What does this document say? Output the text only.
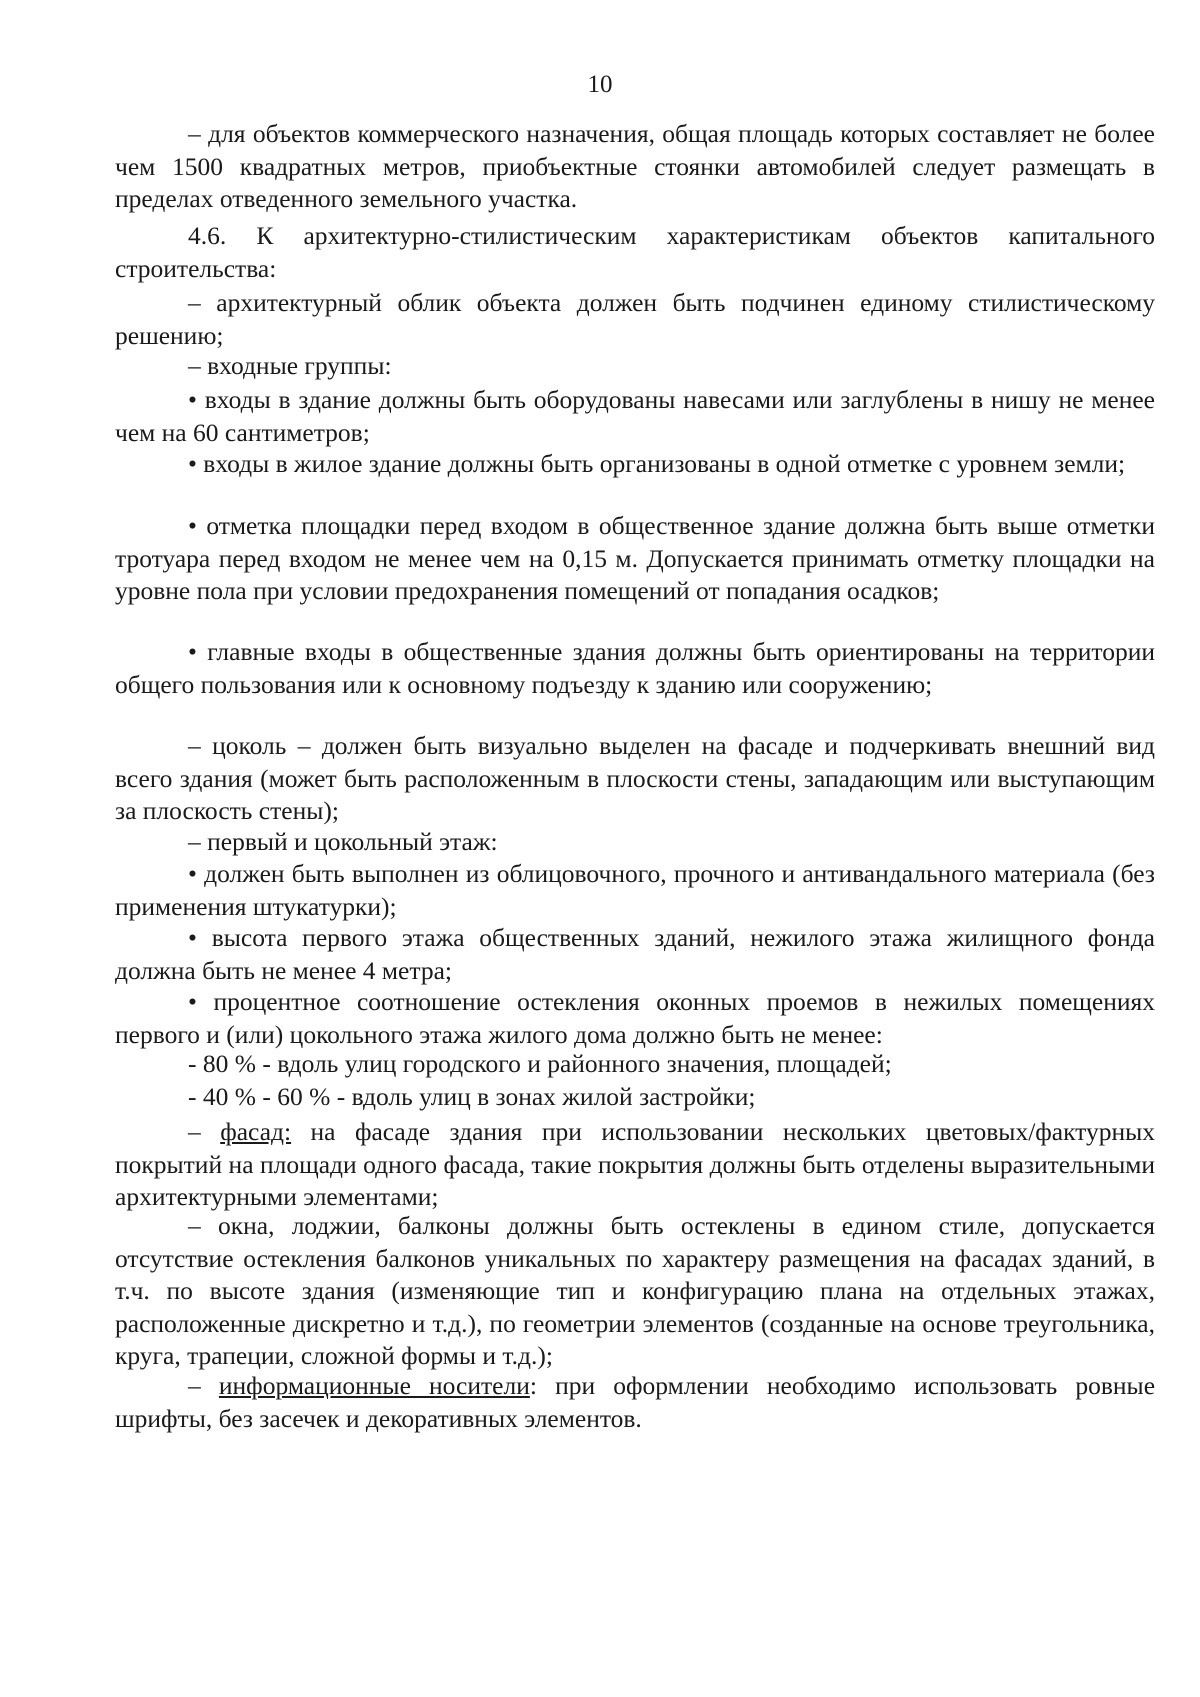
10

– для объектов коммерческого назначения, общая площадь которых составляет не более чем 1500 квадратных метров, приобъектные стоянки автомобилей следует размещать в пределах отведенного земельного участка.

4.6. К архитектурно-стилистическим характеристикам объектов капитального строительства:

– архитектурный облик объекта должен быть подчинен единому стилистическому решению;

– входные группы:

• входы в здание должны быть оборудованы навесами или заглублены в нишу не менее чем на 60 сантиметров;

• входы в жилое здание должны быть организованы в одной отметке с уровнем земли;

• отметка площадки перед входом в общественное здание должна быть выше отметки тротуара перед входом не менее чем на 0,15 м. Допускается принимать отметку площадки на уровне пола при условии предохранения помещений от попадания осадков;

• главные входы в общественные здания должны быть ориентированы на территории общего пользования или к основному подъезду к зданию или сооружению;

– цоколь – должен быть визуально выделен на фасаде и подчеркивать внешний вид всего здания (может быть расположенным в плоскости стены, западающим или выступающим за плоскость стены);

– первый и цокольный этаж:

• должен быть выполнен из облицовочного, прочного и антивандального материала (без применения штукатурки);

• высота первого этажа общественных зданий, нежилого этажа жилищного фонда должна быть не менее 4 метра;

• процентное соотношение остекления оконных проемов в нежилых помещениях первого и (или) цокольного этажа жилого дома должно быть не менее:

- 80 % - вдоль улиц городского и районного значения, площадей;

- 40 % - 60 % - вдоль улиц в зонах жилой застройки;

– фасад: на фасаде здания при использовании нескольких цветовых/фактурных покрытий на площади одного фасада, такие покрытия должны быть отделены выразительными архитектурными элементами;

– окна, лоджии, балконы должны быть остеклены в едином стиле, допускается отсутствие остекления балконов уникальных по характеру размещения на фасадах зданий, в т.ч. по высоте здания (изменяющие тип и конфигурацию плана на отдельных этажах, расположенные дискретно и т.д.), по геометрии элементов (созданные на основе треугольника, круга, трапеции, сложной формы и т.д.);

– информационные носители: при оформлении необходимо использовать ровные шрифты, без засечек и декоративных элементов.
